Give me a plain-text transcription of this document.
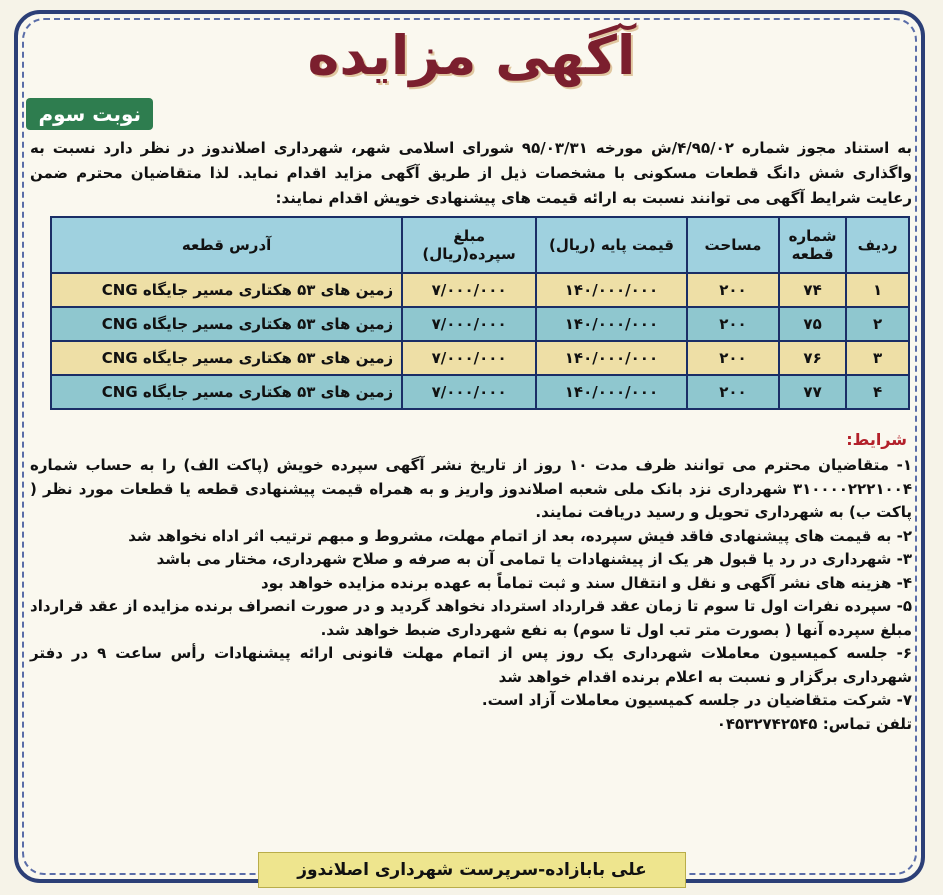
آگهی مزایده
نوبت سوم
به استناد مجوز شماره ۴/۹۵/۰۲/ش مورخه ۹۵/۰۳/۳۱ شورای اسلامی شهر، شهرداری اصلاندوز در نظر دارد نسبت به واگذاری شش دانگ قطعات مسکونی با مشخصات ذیل از طریق آگهی مزاید اقدام نماید. لذا متقاضیان محترم ضمن رعایت شرایط آگهی می توانند نسبت به ارائه قیمت های پیشنهادی خویش اقدام نمایند:
ردیف	شماره قطعه	مساحت	قیمت پایه (ریال)	مبلغ سپرده(ریال)	آدرس قطعه
۱	۷۴	۲۰۰	۱۴۰/۰۰۰/۰۰۰	۷/۰۰۰/۰۰۰	زمین های ۵۳ هکتاری مسیر جایگاه CNG
۲	۷۵	۲۰۰	۱۴۰/۰۰۰/۰۰۰	۷/۰۰۰/۰۰۰	زمین های ۵۳ هکتاری مسیر جایگاه CNG
۳	۷۶	۲۰۰	۱۴۰/۰۰۰/۰۰۰	۷/۰۰۰/۰۰۰	زمین های ۵۳ هکتاری مسیر جایگاه CNG
۴	۷۷	۲۰۰	۱۴۰/۰۰۰/۰۰۰	۷/۰۰۰/۰۰۰	زمین های ۵۳ هکتاری مسیر جایگاه CNG
شرایط:

۱- متقاضیان محترم می توانند ظرف مدت ۱۰ روز از تاریخ نشر آگهی سپرده خویش (پاکت الف) را به حساب شماره ۳۱۰۰۰۰۲۲۲۱۰۰۴ شهرداری نزد بانک ملی شعبه اصلاندوز واریز و به همراه قیمت پیشنهادی قطعه یا قطعات مورد نظر ( پاکت ب) به شهرداری تحویل و رسید دریافت نمایند.

۲- به قیمت های پیشنهادی فاقد فیش سپرده، بعد از اتمام مهلت، مشروط و مبهم ترتیب اثر اداه نخواهد شد

۳- شهرداری در رد یا قبول هر یک از پیشنهادات یا تمامی آن به صرفه و صلاح شهرداری، مختار می باشد

۴- هزینه های نشر آگهی و نقل و انتقال سند و ثبت تماماً به عهده برنده مزایده خواهد بود

۵- سپرده نفرات اول تا سوم تا زمان عقد قرارداد استرداد نخواهد گردید و در صورت انصراف برنده مزایده از عقد قرارداد مبلغ سپرده آنها ( بصورت متر تب اول تا سوم) به نفع شهرداری ضبط خواهد شد.

۶- جلسه کمیسیون معاملات شهرداری یک روز پس از اتمام مهلت قانونی ارائه پیشنهادات رأس ساعت ۹ در دفتر شهرداری برگزار و نسبت به اعلام برنده اقدام خواهد شد

۷- شرکت متقاضیان در جلسه کمیسیون معاملات آزاد است.

تلفن تماس: ۰۴۵۳۲۷۴۲۵۴۵

علی بابازاده-سرپرست شهرداری اصلاندوز
